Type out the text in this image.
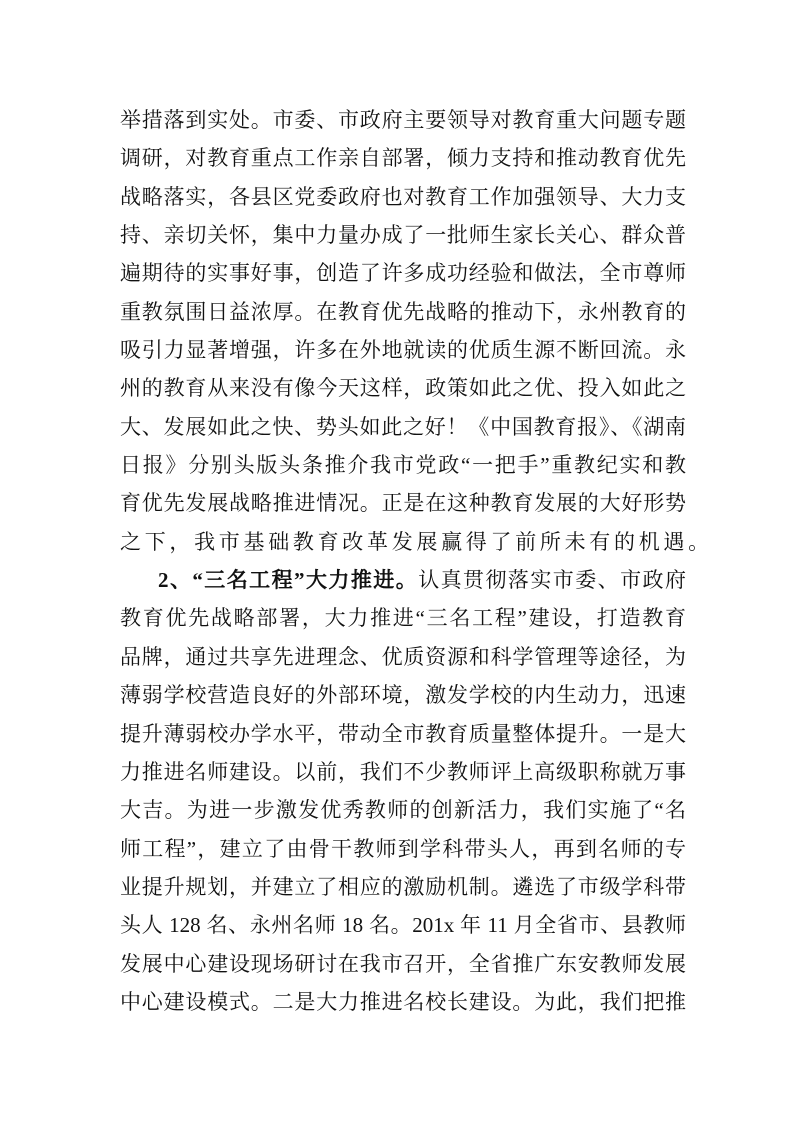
举措落到实处。市委、市政府主要领导对教育重大问题专题
调研，对教育重点工作亲自部署，倾力支持和推动教育优先
战略落实，各县区党委政府也对教育工作加强领导、大力支
持、亲切关怀，集中力量办成了一批师生家长关心、群众普
遍期待的实事好事，创造了许多成功经验和做法，全市尊师
重教氛围日益浓厚。在教育优先战略的推动下，永州教育的
吸引力显著增强，许多在外地就读的优质生源不断回流。永
州的教育从来没有像今天这样，政策如此之优、投入如此之
大、发展如此之快、势头如此之好！《中国教育报》、《湖南
日报》分别头版头条推介我市党政“一把手”重教纪实和教
育优先发展战略推进情况。正是在这种教育发展的大好形势
之下，我市基础教育改革发展赢得了前所未有的机遇。
2、“三名工程”大力推进。认真贯彻落实市委、市政府
教育优先战略部署，大力推进“三名工程”建设，打造教育
品牌，通过共享先进理念、优质资源和科学管理等途径，为
薄弱学校营造良好的外部环境，激发学校的内生动力，迅速
提升薄弱校办学水平，带动全市教育质量整体提升。一是大
力推进名师建设。以前，我们不少教师评上高级职称就万事
大吉。为进一步激发优秀教师的创新活力，我们实施了“名
师工程”，建立了由骨干教师到学科带头人，再到名师的专
业提升规划，并建立了相应的激励机制。遴选了市级学科带
头人 128 名、永州名师 18 名。201x 年 11 月全省市、县教师
发展中心建设现场研讨在我市召开，全省推广东安教师发展
中心建设模式。二是大力推进名校长建设。为此，我们把推
